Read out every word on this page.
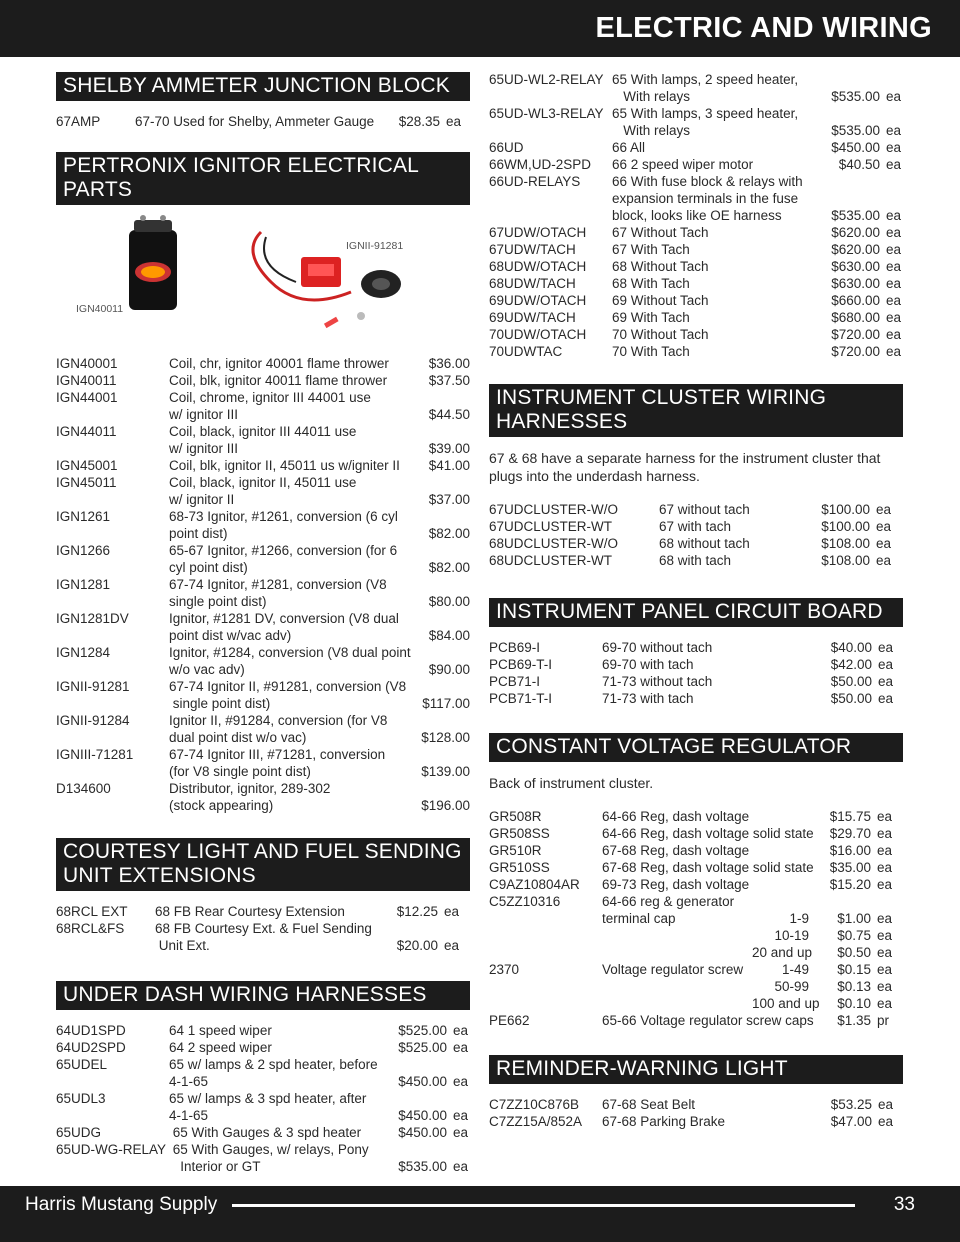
ELECTRIC AND WIRING
SHELBY AMMETER JUNCTION BLOCK
67AMP	67-70 Used for Shelby, Ammeter Gauge	$28.35 ea
PERTRONIX IGNITOR ELECTRICAL PARTS
IGN40011
IGNII-91281
IGN40001	Coil, chr, ignitor 40001 flame thrower	$36.00
IGN40011	Coil, blk, ignitor 40011 flame thrower	$37.50
IGN44001	Coil, chrome, ignitor III 44001 use
w/ ignitor III	$44.50
IGN44011	Coil, black, ignitor III 44011 use
w/ ignitor III	$39.00
IGN45001	Coil, blk, ignitor II, 45011 us w/igniter II	$41.00
IGN45011	Coil, black, ignitor II, 45011 use
w/ ignitor II	$37.00
IGN1261	68-73 Ignitor, #1261, conversion (6 cyl
point dist)	$82.00
IGN1266	65-67 Ignitor, #1266, conversion (for 6
cyl point dist)	$82.00
IGN1281	67-74 Ignitor, #1281, conversion (V8
single point dist)	$80.00
IGN1281DV	Ignitor, #1281 DV, conversion (V8 dual
point dist w/vac adv)	$84.00
IGN1284	Ignitor, #1284, conversion (V8 dual point
w/o vac adv)	$90.00
IGNII-91281	67-74 Ignitor II, #91281, conversion (V8
single point dist)	$117.00
IGNII-91284	Ignitor II, #91284, conversion (for V8
dual point dist w/o vac)	$128.00
IGNIII-71281	67-74 Ignitor III, #71281, conversion
(for V8 single point dist)	$139.00
D134600	Distributor, ignitor, 289-302
(stock appearing)	$196.00
COURTESY LIGHT AND FUEL SENDING UNIT EXTENSIONS
68RCL EXT	68 FB Rear Courtesy Extension	$12.25 ea
68RCL&FS	68 FB Courtesy Ext. & Fuel Sending
Unit Ext.	$20.00 ea
UNDER DASH WIRING HARNESSES
64UD1SPD	64 1 speed wiper	$525.00 ea
64UD2SPD	64 2 speed wiper	$525.00 ea
65UDEL	65 w/ lamps & 2 spd heater, before
4-1-65	$450.00 ea
65UDL3	65 w/ lamps & 3 spd heater, after
4-1-65	$450.00 ea
65UDG	65 With Gauges & 3 spd heater	$450.00 ea
65UD-WG-RELAY 65 With Gauges, w/ relays, Pony
Interior or GT	$535.00 ea
65UD-WL2-RELAY 65 With lamps, 2 speed heater,
With relays	$535.00 ea
65UD-WL3-RELAY 65 With lamps, 3 speed heater,
With relays	$535.00 ea
66UD	66 All	$450.00 ea
66WM,UD-2SPD	66 2 speed wiper motor	$40.50 ea
66UD-RELAYS	66 With fuse block & relays with
expansion terminals in the fuse
block, looks like OE harness	$535.00 ea
67UDW/OTACH	67 Without Tach	$620.00 ea
67UDW/TACH	67 With Tach	$620.00 ea
68UDW/OTACH	68 Without Tach	$630.00 ea
68UDW/TACH	68 With Tach	$630.00 ea
69UDW/OTACH	69 Without Tach	$660.00 ea
69UDW/TACH	69 With Tach	$680.00 ea
70UDW/OTACH	70 Without Tach	$720.00 ea
70UDWTAC	70 With Tach	$720.00 ea
INSTRUMENT CLUSTER WIRING HARNESSES
67 & 68 have a separate harness for the instrument cluster that plugs into the underdash harness.
67UDCLUSTER-W/O	67 without tach	$100.00 ea
67UDCLUSTER-WT	67 with tach	$100.00 ea
68UDCLUSTER-W/O	68 without tach	$108.00 ea
68UDCLUSTER-WT	68 with tach	$108.00 ea
INSTRUMENT PANEL CIRCUIT BOARD
PCB69-I	69-70 without tach	$40.00 ea
PCB69-T-I	69-70 with tach	$42.00 ea
PCB71-I	71-73 without tach	$50.00 ea
PCB71-T-I	71-73 with tach	$50.00 ea
CONSTANT VOLTAGE REGULATOR
Back of instrument cluster.
GR508R	64-66 Reg, dash voltage	$15.75 ea
GR508SS	64-66 Reg, dash voltage solid state	$29.70 ea
GR510R	67-68 Reg, dash voltage	$16.00 ea
GR510SS	67-68 Reg, dash voltage solid state	$35.00 ea
C9AZ10804AR	69-73 Reg, dash voltage	$15.20 ea
C5ZZ10316	64-66 reg & generator
terminal cap	1-9	$1.00 ea
10-19	$0.75 ea
20 and up	$0.50 ea
2370	Voltage regulator screw	1-49	$0.15 ea
50-99	$0.13 ea
100 and up	$0.10 ea
PE662	65-66 Voltage regulator screw caps	$1.35 pr
REMINDER-WARNING LIGHT
C7ZZ10C876B	67-68 Seat Belt	$53.25 ea
C7ZZ15A/852A	67-68 Parking Brake	$47.00 ea
Harris Mustang Supply	33
